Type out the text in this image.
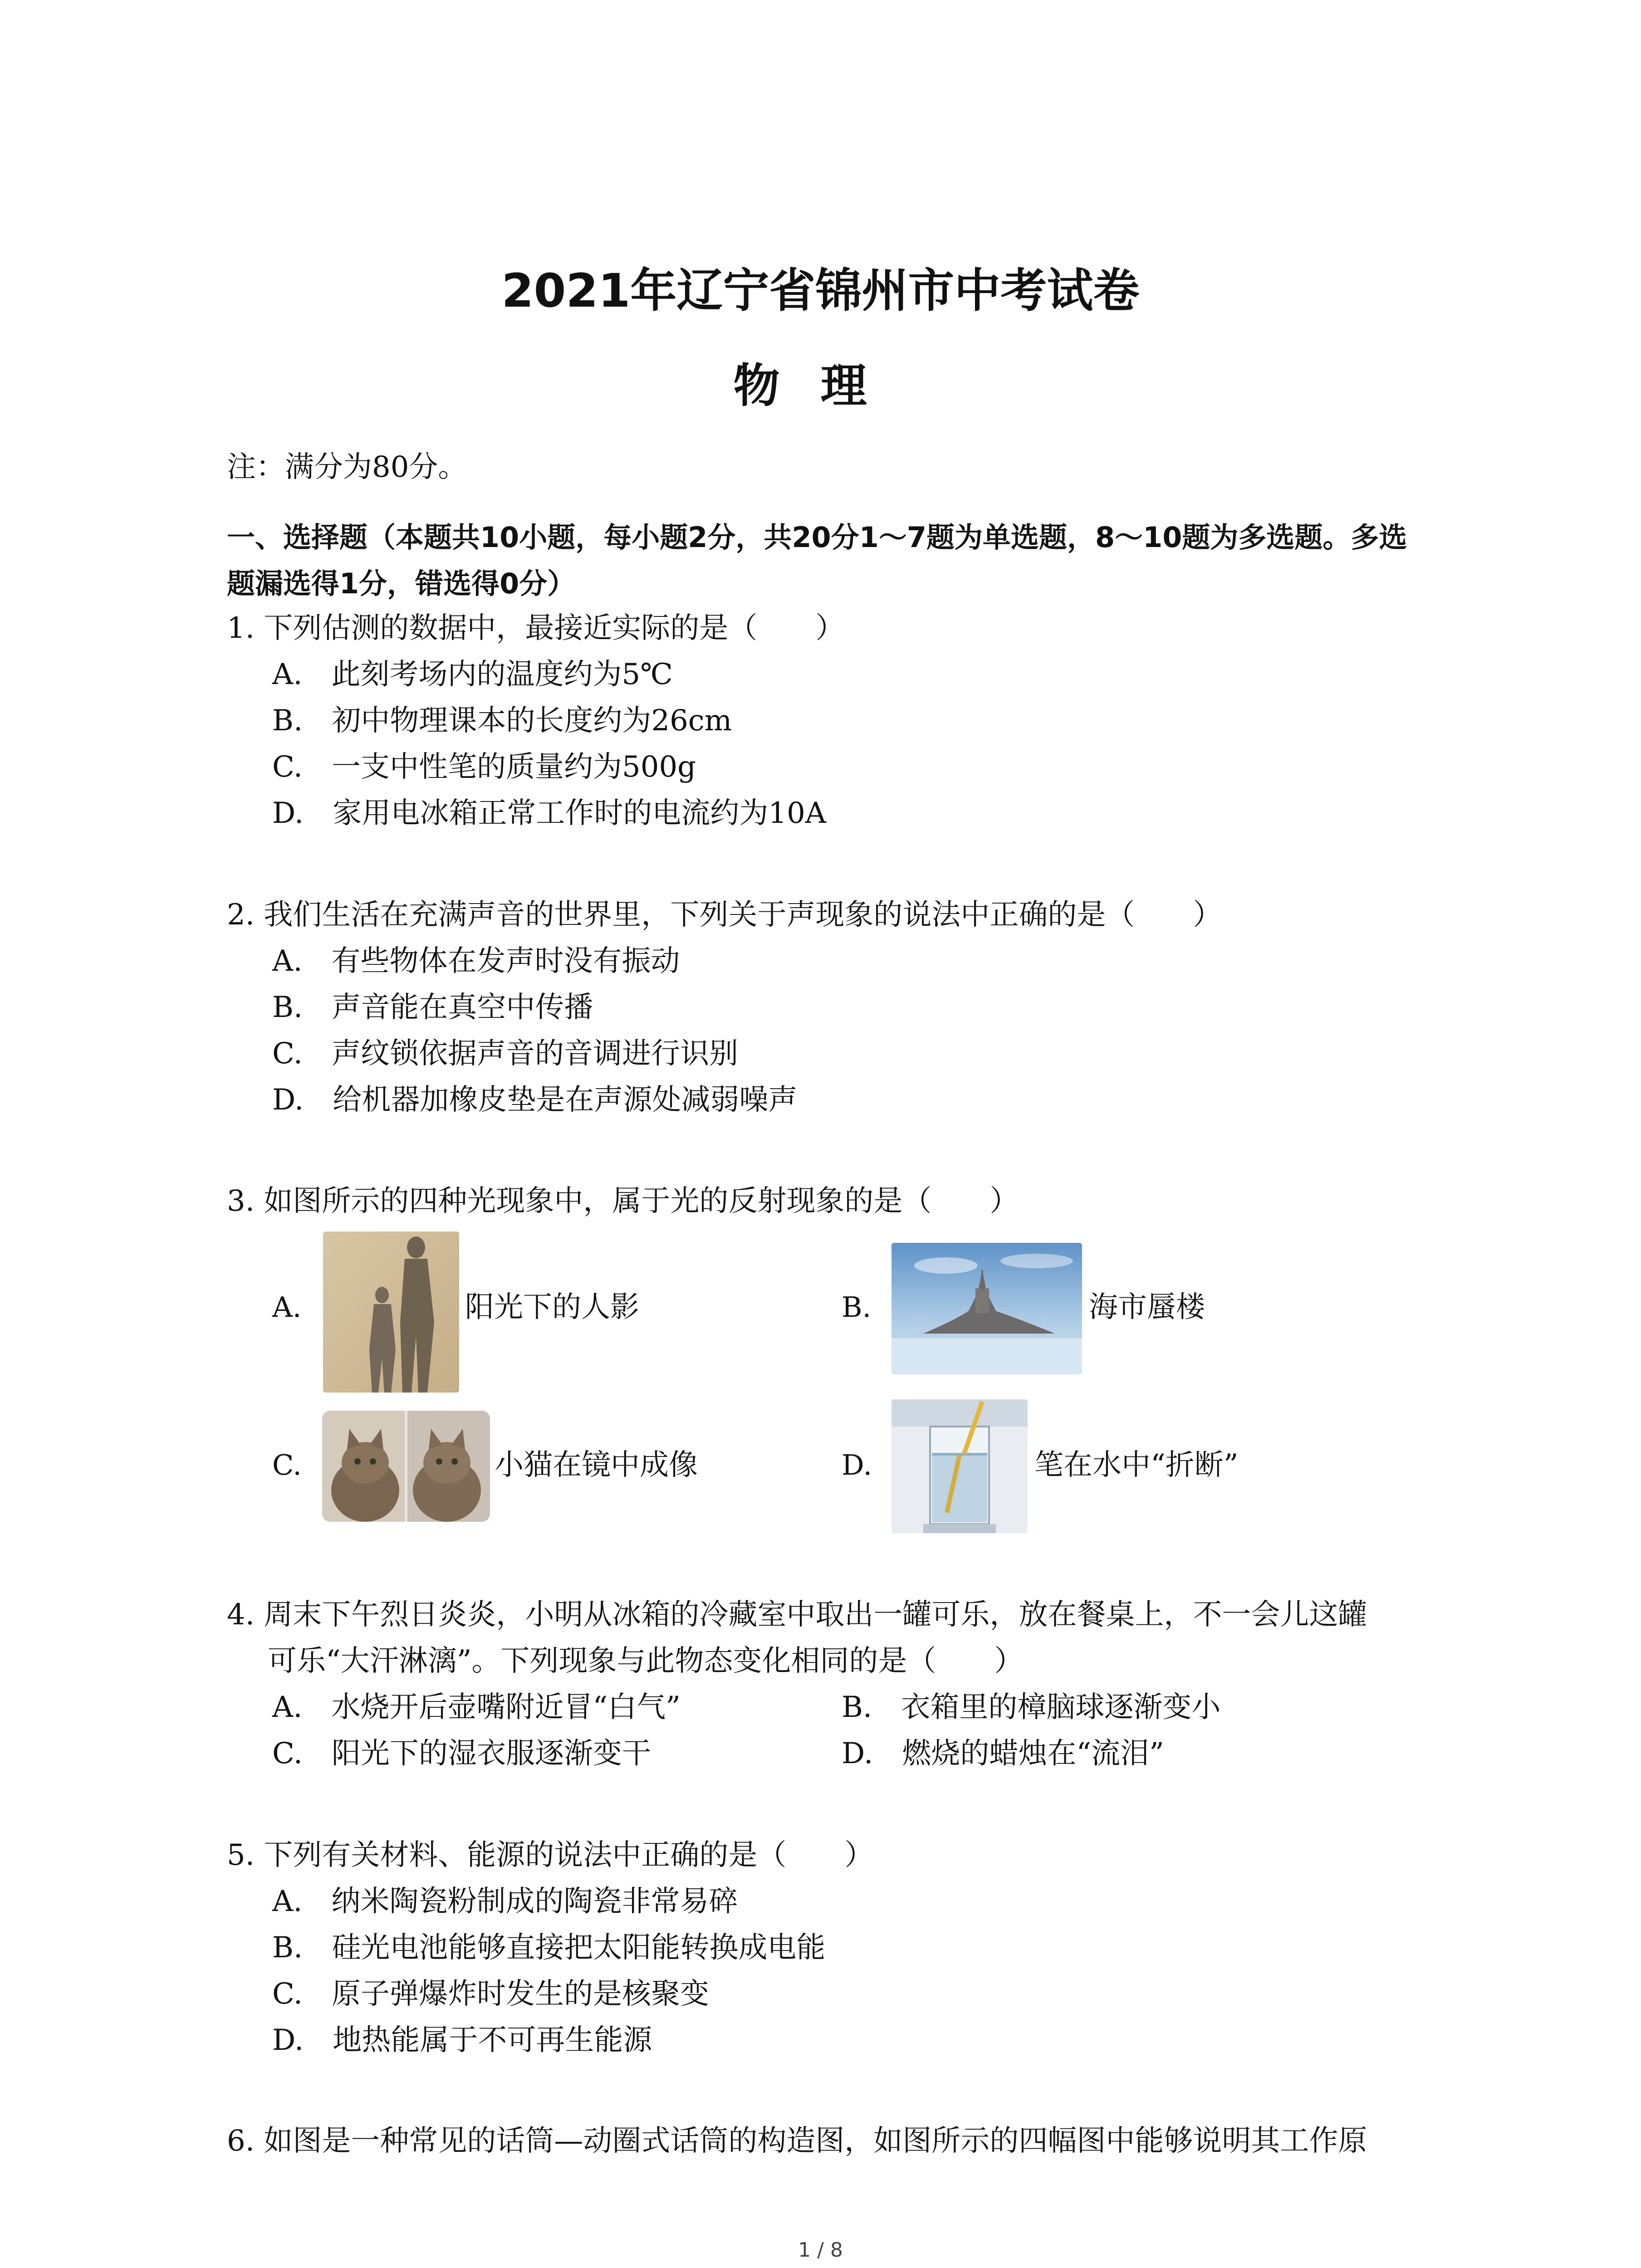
2021年辽宁省锦州市中考试卷
物理
注：满分为80分。
一、选择题（本题共10小题，每小题2分，共20分1～7题为单选题，8～10题为多选题。多选
题漏选得1分，错选得0分）
1. 下列估测的数据中，最接近实际的是（　　）
A.　此刻考场内的温度约为5℃
B.　初中物理课本的长度约为26cm
C.　一支中性笔的质量约为500g
D.　家用电冰箱正常工作时的电流约为10A
2. 我们生活在充满声音的世界里，下列关于声现象的说法中正确的是（　　）
A.　有些物体在发声时没有振动
B.　声音能在真空中传播
C.　声纹锁依据声音的音调进行识别
D.　给机器加橡皮垫是在声源处减弱噪声
3. 如图所示的四种光现象中，属于光的反射现象的是（　　）
A.	阳光下的人影	B.	海市蜃楼
C.	小猫在镜中成像	D.	笔在水中“折断”
4. 周末下午烈日炎炎，小明从冰箱的冷藏室中取出一罐可乐，放在餐桌上，不一会儿这罐
可乐“大汗淋漓”。下列现象与此物态变化相同的是（　　）
A.　水烧开后壶嘴附近冒“白气”	B.　衣箱里的樟脑球逐渐变小
C.　阳光下的湿衣服逐渐变干	D.　燃烧的蜡烛在“流泪”
5. 下列有关材料、能源的说法中正确的是（　　）
A.　纳米陶瓷粉制成的陶瓷非常易碎
B.　硅光电池能够直接把太阳能转换成电能
C.　原子弹爆炸时发生的是核聚变
D.　地热能属于不可再生能源
6. 如图是一种常见的话筒—动圈式话筒的构造图，如图所示的四幅图中能够说明其工作原
1 / 8
